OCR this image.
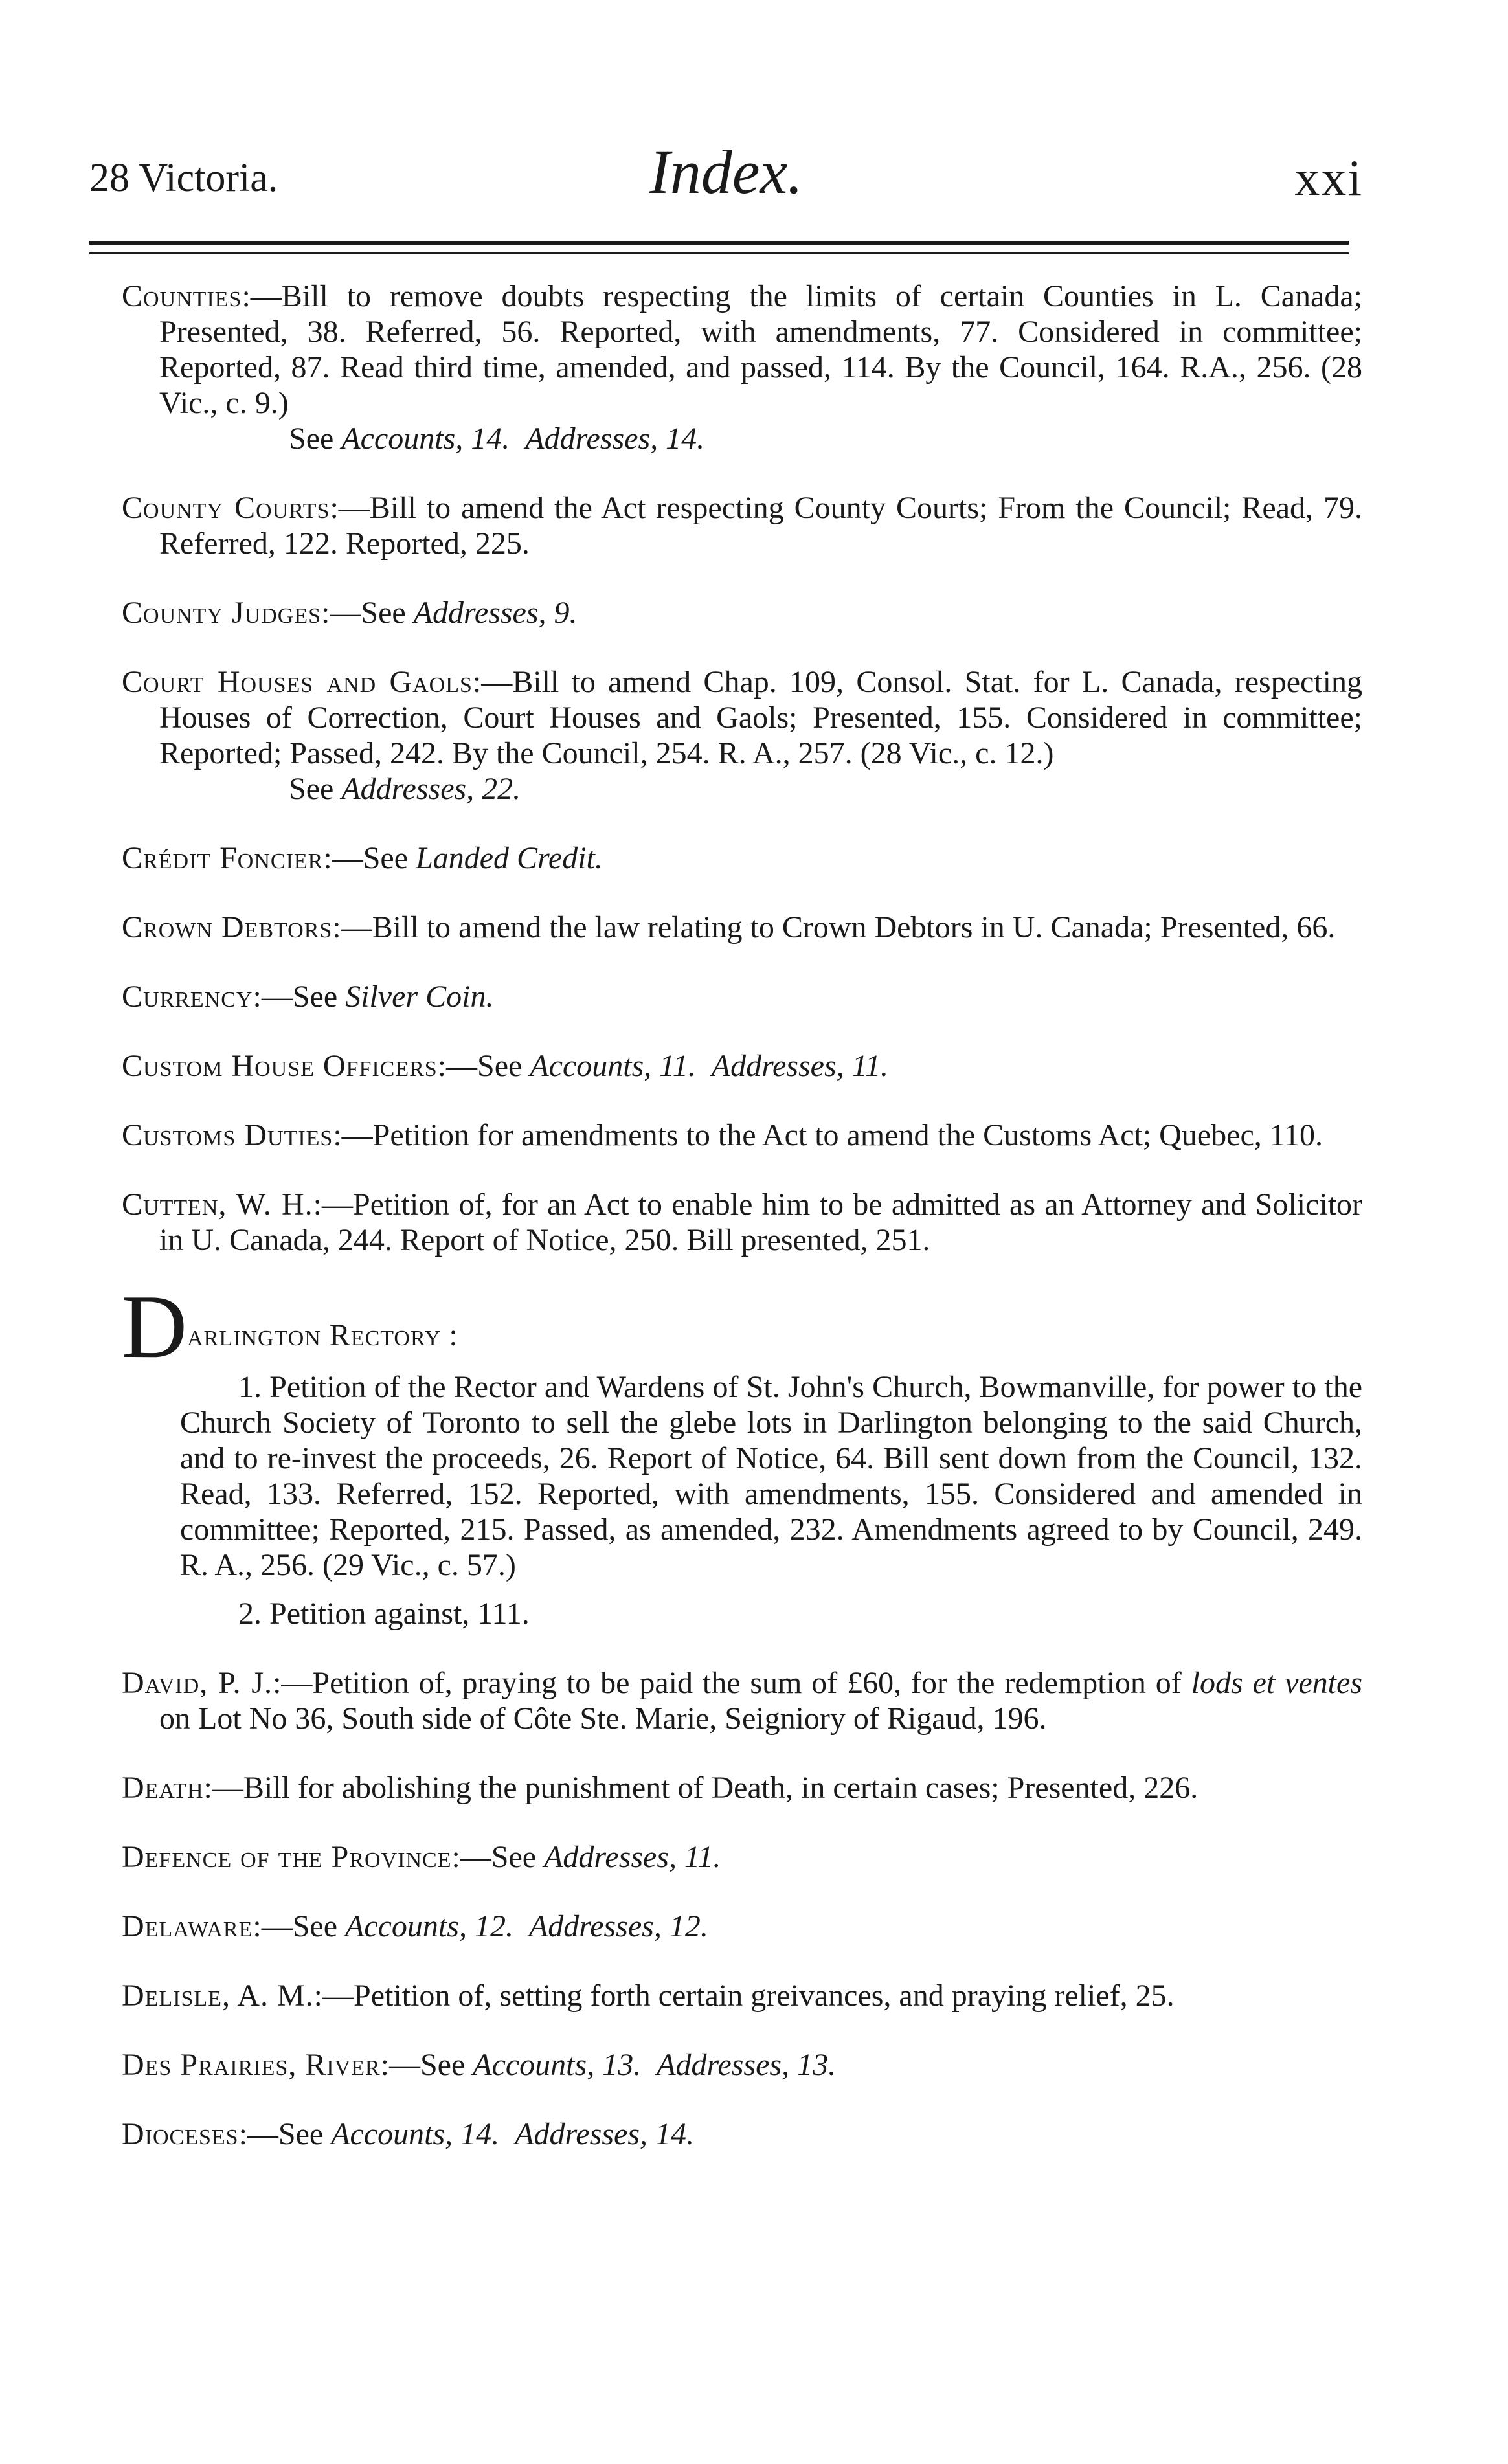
28 Victoria.	Index.	xxi
Counties:—Bill to remove doubts respecting the limits of certain Counties in L. Canada; Presented, 38. Referred, 56. Reported, with amendments, 77. Considered in committee; Reported, 87. Read third time, amended, and passed, 114. By the Council, 164. R.A., 256. (28 Vic., c. 9.)
See Accounts, 14. Addresses, 14.
County Courts:—Bill to amend the Act respecting County Courts; From the Council; Read, 79. Referred, 122. Reported, 225.
County Judges:—See Addresses, 9.
Court Houses and Gaols:—Bill to amend Chap. 109, Consol. Stat. for L. Canada, respecting Houses of Correction, Court Houses and Gaols; Presented, 155. Considered in committee; Reported; Passed, 242. By the Council, 254. R. A., 257. (28 Vic., c. 12.)
See Addresses, 22.
Crédit Foncier:—See Landed Credit.
Crown Debtors:—Bill to amend the law relating to Crown Debtors in U. Canada; Presented, 66.
Currency:—See Silver Coin.
Custom House Officers:—See Accounts, 11. Addresses, 11.
Customs Duties:—Petition for amendments to the Act to amend the Customs Act; Quebec, 110.
Cutten, W. H.:—Petition of, for an Act to enable him to be admitted as an Attorney and Solicitor in U. Canada, 244. Report of Notice, 250. Bill presented, 251.
Darlington Rectory :

1. Petition of the Rector and Wardens of St. John's Church, Bowmanville, for power to the Church Society of Toronto to sell the glebe lots in Darlington belonging to the said Church, and to re-invest the proceeds, 26. Report of Notice, 64. Bill sent down from the Council, 132. Read, 133. Referred, 152. Reported, with amendments, 155. Considered and amended in committee; Reported, 215. Passed, as amended, 232. Amendments agreed to by Council, 249. R. A., 256. (29 Vic., c. 57.)

2. Petition against, 111.

David, P. J.:—Petition of, praying to be paid the sum of £60, for the redemption of lods et ventes on Lot No 36, South side of Côte Ste. Marie, Seigniory of Rigaud, 196.
Death:—Bill for abolishing the punishment of Death, in certain cases; Presented, 226.
Defence of the Province:—See Addresses, 11.
Delaware:—See Accounts, 12. Addresses, 12.
Delisle, A. M.:—Petition of, setting forth certain greivances, and praying relief, 25.
Des Prairies, River:—See Accounts, 13. Addresses, 13.
Dioceses:—See Accounts, 14. Addresses, 14.
